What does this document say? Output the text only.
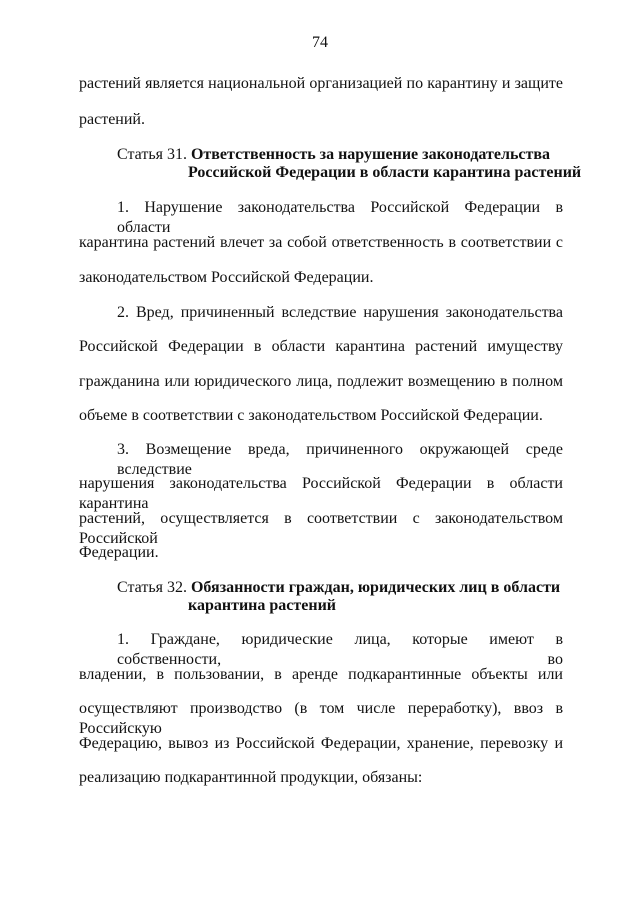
74
растений является национальной организацией по карантину и защите
растений.
Статья 31. Ответственность за нарушение законодательства
Российской Федерации в области карантина растений
1. Нарушение законодательства Российской Федерации в области
карантина растений влечет за собой ответственность в соответствии с
законодательством Российской Федерации.
2. Вред, причиненный вследствие нарушения законодательства
Российской Федерации в области карантина растений имуществу
гражданина или юридического лица, подлежит возмещению в полном
объеме в соответствии с законодательством Российской Федерации.
3. Возмещение вреда, причиненного окружающей среде вследствие
нарушения законодательства Российской Федерации в области карантина
растений, осуществляется в соответствии с законодательством Российской
Федерации.
Статья 32. Обязанности граждан, юридических лиц в области
карантина растений
1. Граждане, юридические лица, которые имеют в собственности, во
владении, в пользовании, в аренде подкарантинные объекты или
осуществляют производство (в том числе переработку), ввоз в Российскую
Федерацию, вывоз из Российской Федерации, хранение, перевозку и
реализацию подкарантинной продукции, обязаны:
